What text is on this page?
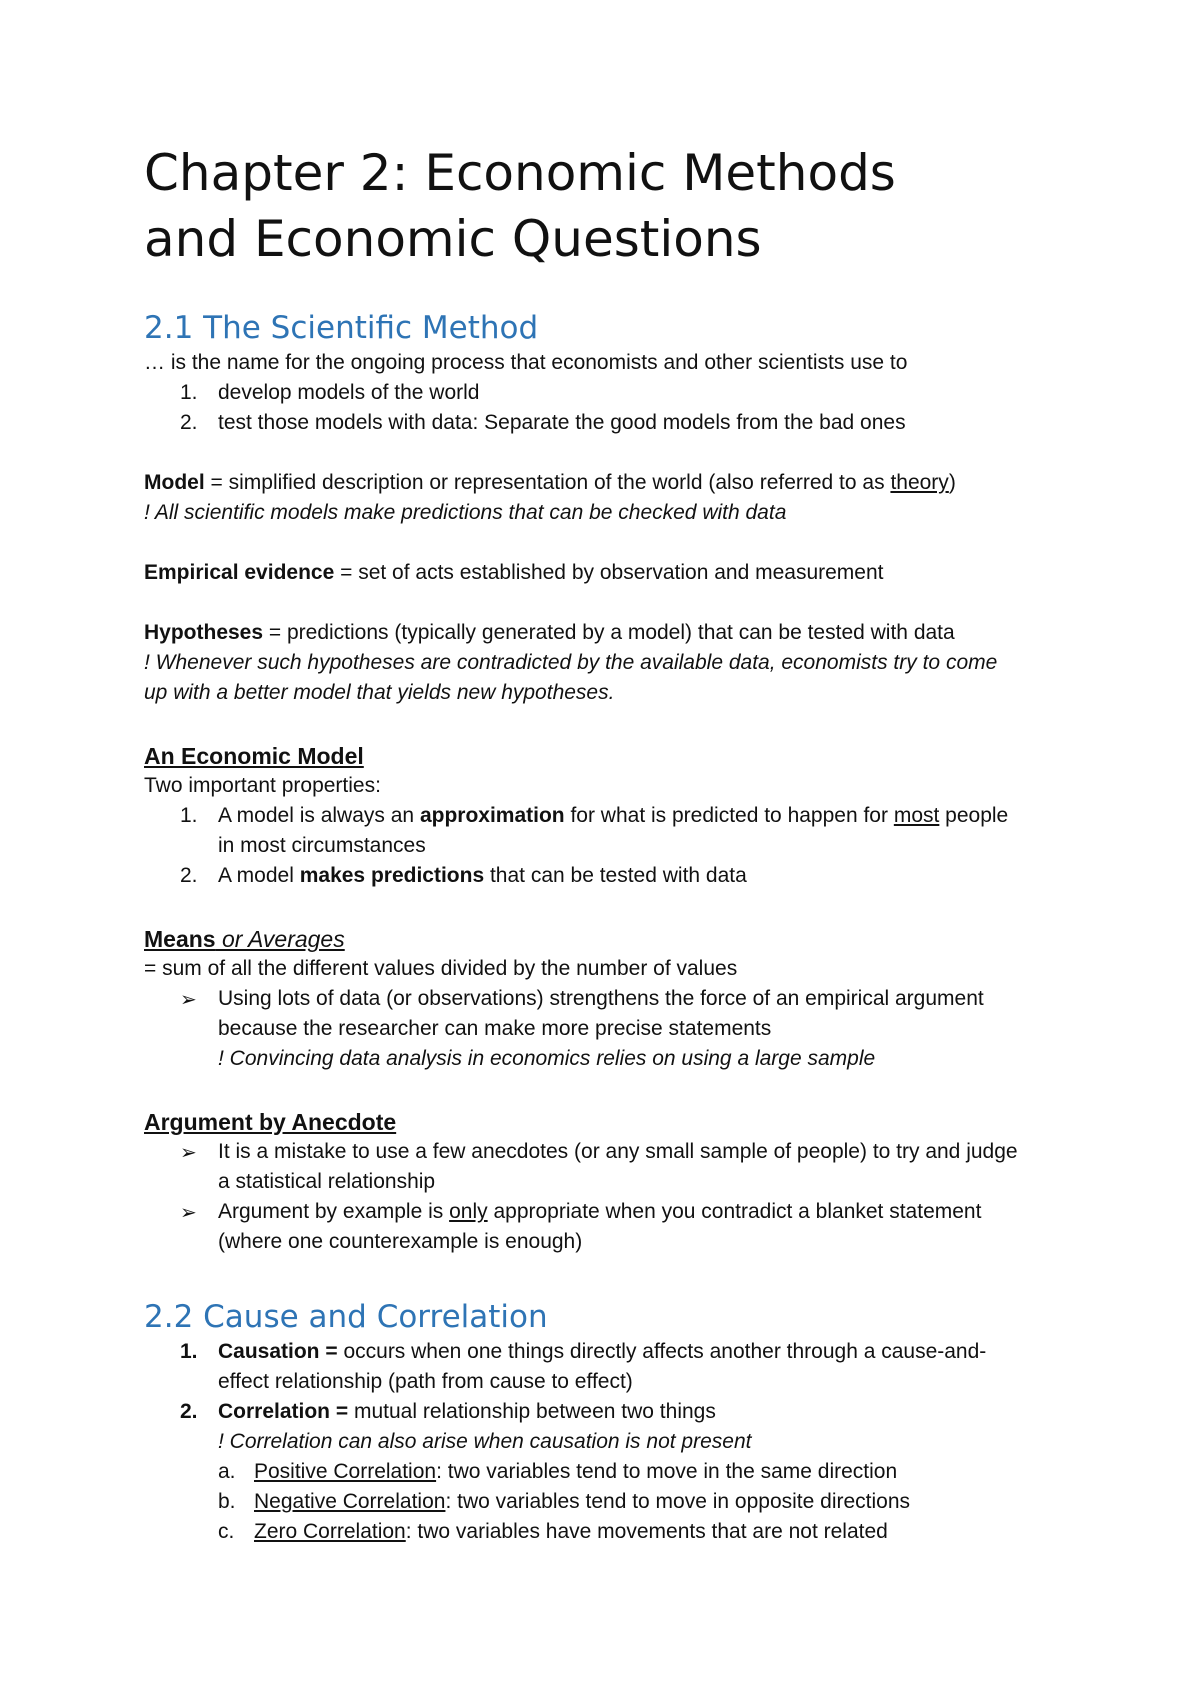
Chapter 2: Economic Methods
and Economic Questions
2.1 The Scientific Method

… is the name for the ongoing process that economists and other scientists use to

1. develop models of the world
2. test those models with data: Separate the good models from the bad ones

Model = simplified description or representation of the world (also referred to as theory)

! All scientific models make predictions that can be checked with data

Empirical evidence = set of acts established by observation and measurement

Hypotheses = predictions (typically generated by a model) that can be tested with data

! Whenever such hypotheses are contradicted by the available data, economists try to come

up with a better model that yields new hypotheses.

An Economic Model

Two important properties:

1. A model is always an approximation for what is predicted to happen for most people
in most circumstances
2. A model makes predictions that can be tested with data
Means or Averages

= sum of all the different values divided by the number of values

➢ Using lots of data (or observations) strengthens the force of an empirical argument
because the researcher can make more precise statements
! Convincing data analysis in economics relies on using a large sample
Argument by Anecdote
➢ It is a mistake to use a few anecdotes (or any small sample of people) to try and judge
a statistical relationship
➢ Argument by example is only appropriate when you contradict a blanket statement
(where one counterexample is enough)
2.2 Cause and Correlation
1. Causation = occurs when one things directly affects another through a cause-and-
effect relationship (path from cause to effect)
2. Correlation = mutual relationship between two things
! Correlation can also arise when causation is not present
a. Positive Correlation: two variables tend to move in the same direction
b. Negative Correlation: two variables tend to move in opposite directions
c. Zero Correlation: two variables have movements that are not related
